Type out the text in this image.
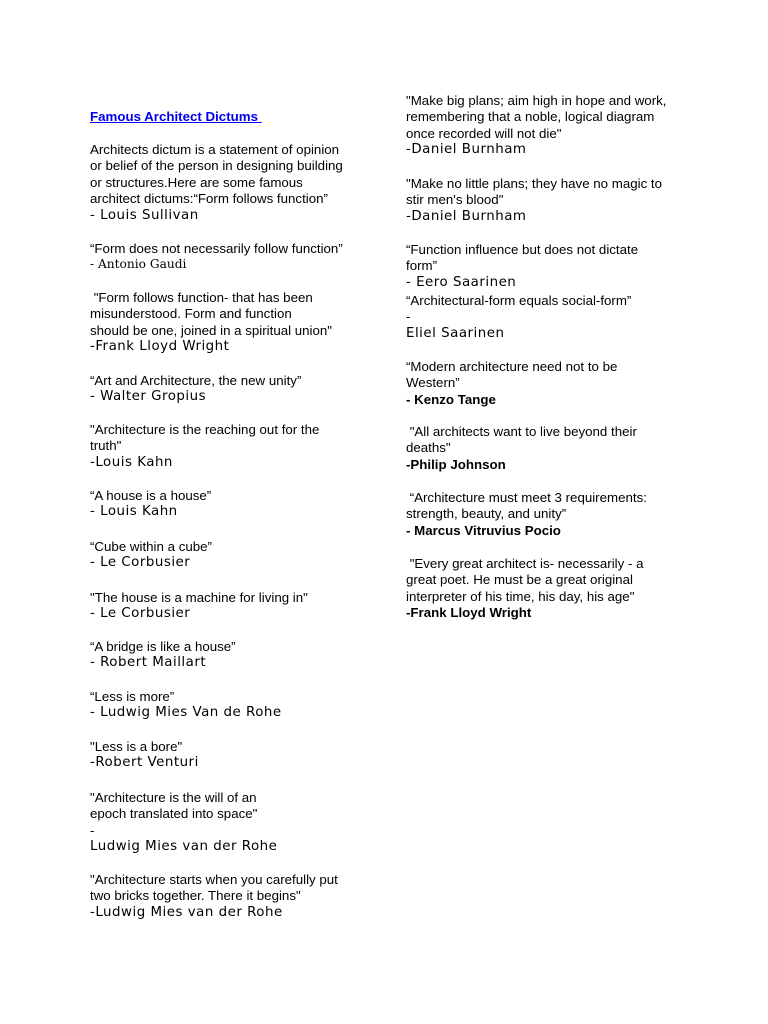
Famous Architect Dictums
Architects dictum is a statement of opinion
or belief of the person in designing building
or structures.Here are some famous
architect dictums:“Form follows function”
- Louis Sullivan
“Form does not necessarily follow function”
- Antonio Gaudi
"Form follows function- that has been
misunderstood. Form and function
should be one, joined in a spiritual union"
-Frank Lloyd Wright
“Art and Architecture, the new unity”
- Walter Gropius
"Architecture is the reaching out for the
truth"
-Louis Kahn
“A house is a house”
- Louis Kahn
“Cube within a cube”
- Le Corbusier
"The house is a machine for living in"
- Le Corbusier
“A bridge is like a house”
- Robert Maillart
“Less is more”
- Ludwig Mies Van de Rohe
"Less is a bore"
-Robert Venturi
"Architecture is the will of an
epoch translated into space"
-
Ludwig Mies van der Rohe
"Architecture starts when you carefully put
two bricks together. There it begins"
-Ludwig Mies van der Rohe
"Make big plans; aim high in hope and work,
remembering that a noble, logical diagram
once recorded will not die"
-Daniel Burnham
"Make no little plans; they have no magic to
stir men's blood"
-Daniel Burnham
“Function influence but does not dictate
form”
- Eero Saarinen
“Architectural-form equals social-form”
-
Eliel Saarinen
“Modern architecture need not to be
Western”
- Kenzo Tange
"All architects want to live beyond their
deaths"
-Philip Johnson
“Architecture must meet 3 requirements:
strength, beauty, and unity”
- Marcus Vitruvius Pocio
"Every great architect is- necessarily - a
great poet. He must be a great original
interpreter of his time, his day, his age"
-Frank Lloyd Wright
